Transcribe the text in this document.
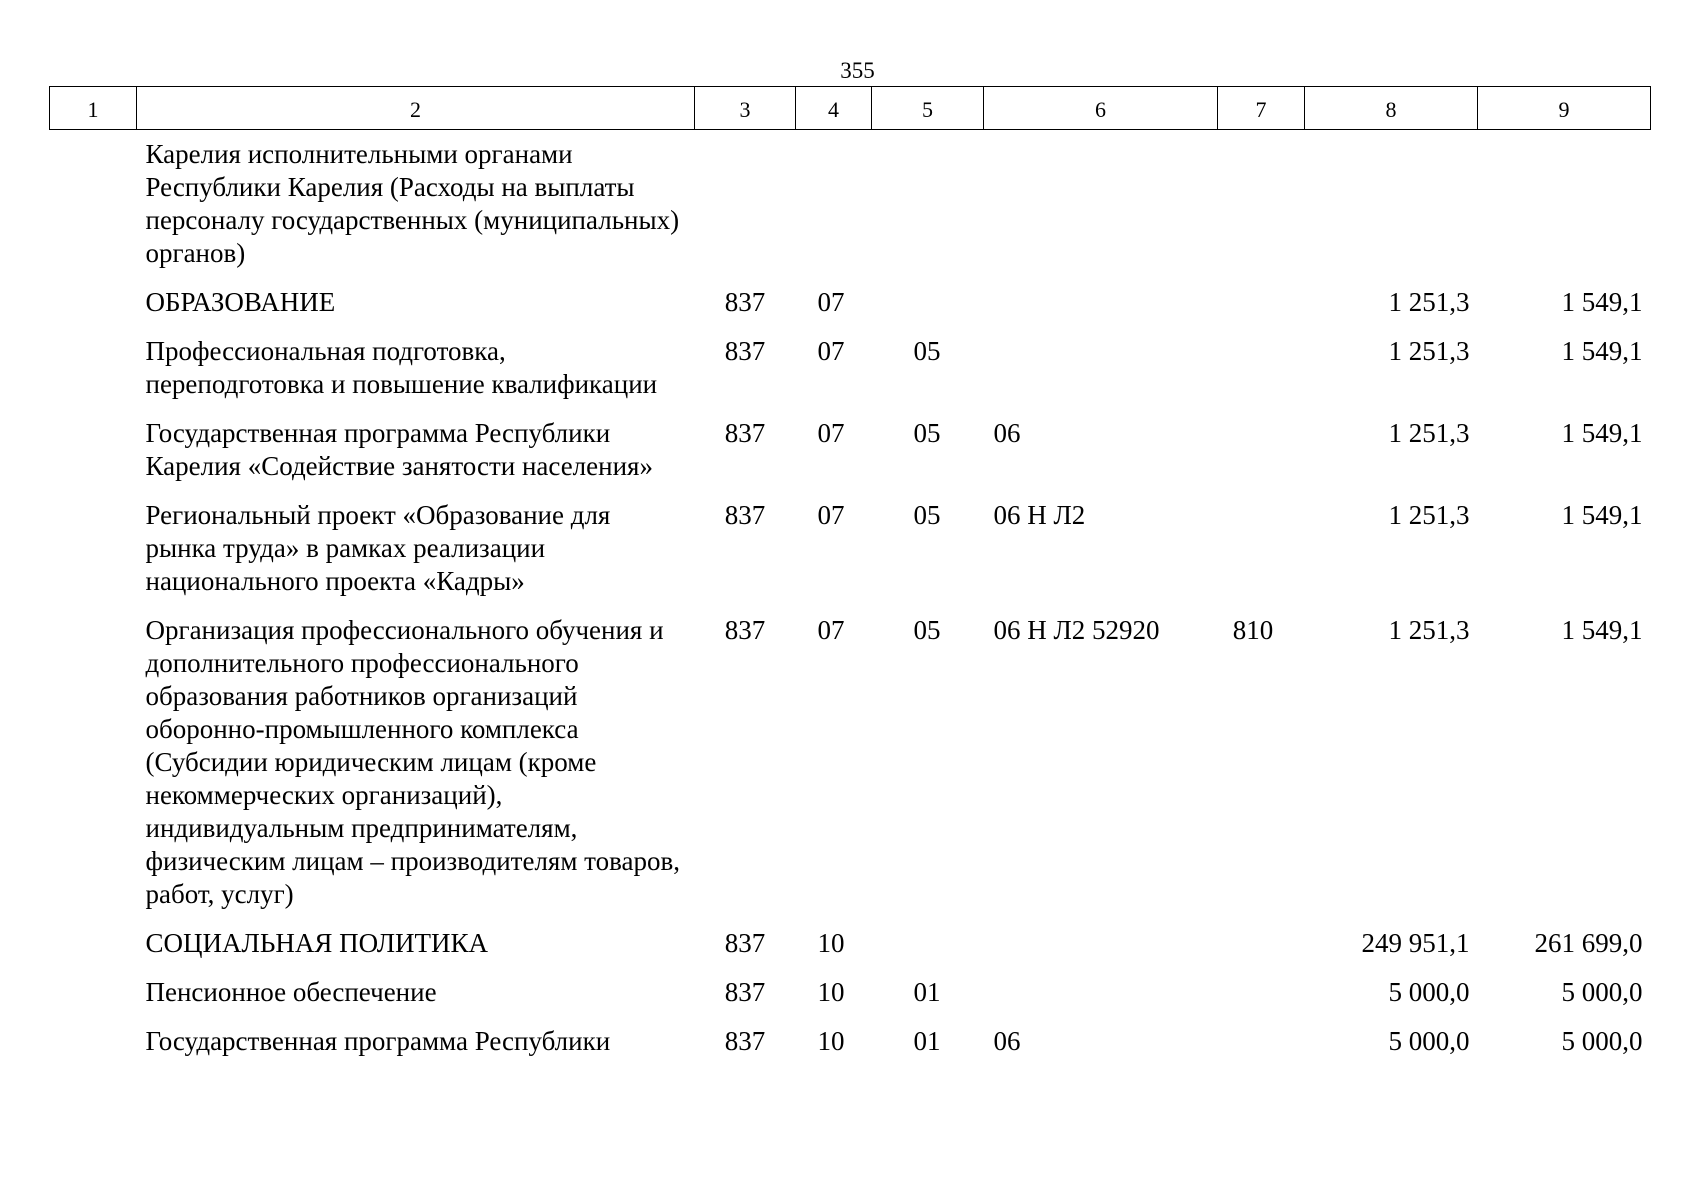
355
1	2	3	4	5	6	7	8	9
	Карелия исполнительными органами Республики Карелия (Расходы на выплаты персоналу государственных (муниципальных) органов)							
	ОБРАЗОВАНИЕ	837	07				1 251,3	1 549,1
	Профессиональная подготовка, переподготовка и повышение квалификации	837	07	05			1 251,3	1 549,1
	Государственная программа Республики Карелия «Содействие занятости населения»	837	07	05	06		1 251,3	1 549,1
	Региональный проект «Образование для рынка труда» в рамках реализации национального проекта «Кадры»	837	07	05	06 Н Л2		1 251,3	1 549,1
	Организация профессионального обучения и дополнительного профессионального образования работников организаций оборонно-промышленного комплекса (Субсидии юридическим лицам (кроме некоммерческих организаций), индивидуальным предпринимателям, физическим лицам – производителям товаров, работ, услуг)	837	07	05	06 Н Л2 52920	810	1 251,3	1 549,1
	СОЦИАЛЬНАЯ ПОЛИТИКА	837	10				249 951,1	261 699,0
	Пенсионное обеспечение	837	10	01			5 000,0	5 000,0
	Государственная программа Республики	837	10	01	06		5 000,0	5 000,0
